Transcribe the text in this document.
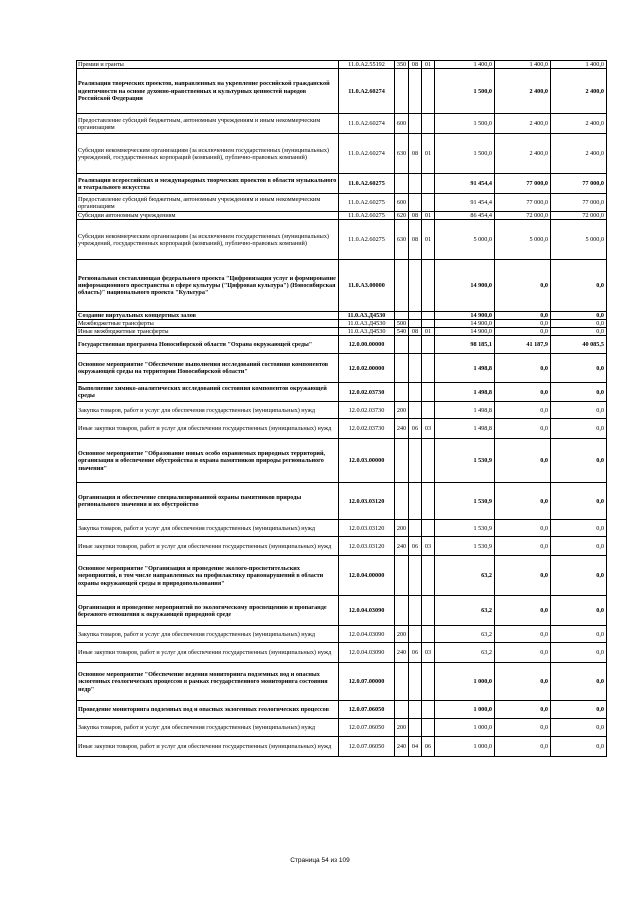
Премии и гранты	11.0.А2.55192	350	08	01	1 400,0	1 400,0	1 400,0
Реализация творческих проектов, направленных на укрепление российской гражданской идентичности на основе духовно-нравственных и культурных ценностей народов Российской Федерации	11.0.А2.60274				1 500,0	2 400,0	2 400,0
Предоставление субсидий бюджетным, автономным учреждениям и иным некоммерческим организациям	11.0.А2.60274	600			1 500,0	2 400,0	2 400,0
Субсидии некоммерческим организациям (за исключением государственных (муниципальных) учреждений, государственных корпораций (компаний), публично-правовых компаний)	11.0.А2.60274	630	08	01	1 500,0	2 400,0	2 400,0
Реализация всероссийских и международных творческих проектов в области музыкального и театрального искусства	11.0.А2.60275				91 454,4	77 000,0	77 000,0
Предоставление субсидий бюджетным, автономным учреждениям и иным некоммерческим организациям	11.0.А2.60275	600			91 454,4	77 000,0	77 000,0
Субсидии автономным учреждениям	11.0.А2.60275	620	08	01	86 454,4	72 000,0	72 000,0
Субсидии некоммерческим организациям (за исключением государственных (муниципальных) учреждений, государственных корпораций (компаний), публично-правовых компаний)	11.0.А2.60275	630	08	01	5 000,0	5 000,0	5 000,0
Региональная составляющая федерального проекта "Цифровизация услуг и формирование информационного пространства в сфере культуры ("Цифровая культура") (Новосибирская область)" национального проекта "Культура"	11.0.А3.00000				14 900,0	0,0	0,0
Создание виртуальных концертных залов	11.0.А3.Д4530				14 900,0	0,0	0,0
Межбюджетные трансферты	11.0.А3.Д4530	500			14 900,0	0,0	0,0
Иные межбюджетные трансферты	11.0.А3.Д4530	540	08	01	14 900,0	0,0	0,0
Государственная программа Новосибирской области "Охрана окружающей среды"	12.0.00.00000				98 185,1	41 187,9	40 085,5
Основное мероприятие "Обеспечение выполнения исследований состояния компонентов окружающей среды на территории Новосибирской области"	12.0.02.00000				1 498,8	0,0	0,0
Выполнение химико-аналитических исследований состояния компонентов окружающей среды	12.0.02.03730				1 498,8	0,0	0,0
Закупка товаров, работ и услуг для обеспечения государственных (муниципальных) нужд	12.0.02.03730	200			1 498,8	0,0	0,0
Иные закупки товаров, работ и услуг для обеспечения государственных (муниципальных) нужд	12.0.02.03730	240	06	03	1 498,8	0,0	0,0
Основное мероприятие "Образование новых особо охраняемых природных территорий, организация и обеспечение обустройства и охрана памятников природы регионального значения"	12.0.03.00000				1 530,9	0,0	0,0
Организация и обеспечение специализированной охраны памятников природы регионального значения и их обустройство	12.0.03.03120				1 530,9	0,0	0,0
Закупка товаров, работ и услуг для обеспечения государственных (муниципальных) нужд	12.0.03.03120	200			1 530,9	0,0	0,0
Иные закупки товаров, работ и услуг для обеспечения государственных (муниципальных) нужд	12.0.03.03120	240	06	03	1 530,9	0,0	0,0
Основное мероприятие "Организация и проведение эколого-просветительских мероприятий, в том числе направленных на профилактику правонарушений в области охраны окружающей среды и природопользования"	12.0.04.00000				63,2	0,0	0,0
Организация и проведение мероприятий по экологическому просвещению и пропаганде бережного отношения к окружающей природной среде	12.0.04.03090				63,2	0,0	0,0
Закупка товаров, работ и услуг для обеспечения государственных (муниципальных) нужд	12.0.04.03090	200			63,2	0,0	0,0
Иные закупки товаров, работ и услуг для обеспечения государственных (муниципальных) нужд	12.0.04.03090	240	06	03	63,2	0,0	0,0
Основное мероприятие "Обеспечение ведения мониторинга подземных вод и опасных экзогенных геологических процессов в рамках государственного мониторинга состояния недр"	12.0.07.00000				1 000,0	0,0	0,0
Проведение мониторинга подземных вод и опасных экзогенных геологических процессов	12.0.07.06050				1 000,0	0,0	0,0
Закупка товаров, работ и услуг для обеспечения государственных (муниципальных) нужд	12.0.07.06050	200			1 000,0	0,0	0,0
Иные закупки товаров, работ и услуг для обеспечения государственных (муниципальных) нужд	12.0.07.06050	240	04	06	1 000,0	0,0	0,0
Страница 54 из 109
